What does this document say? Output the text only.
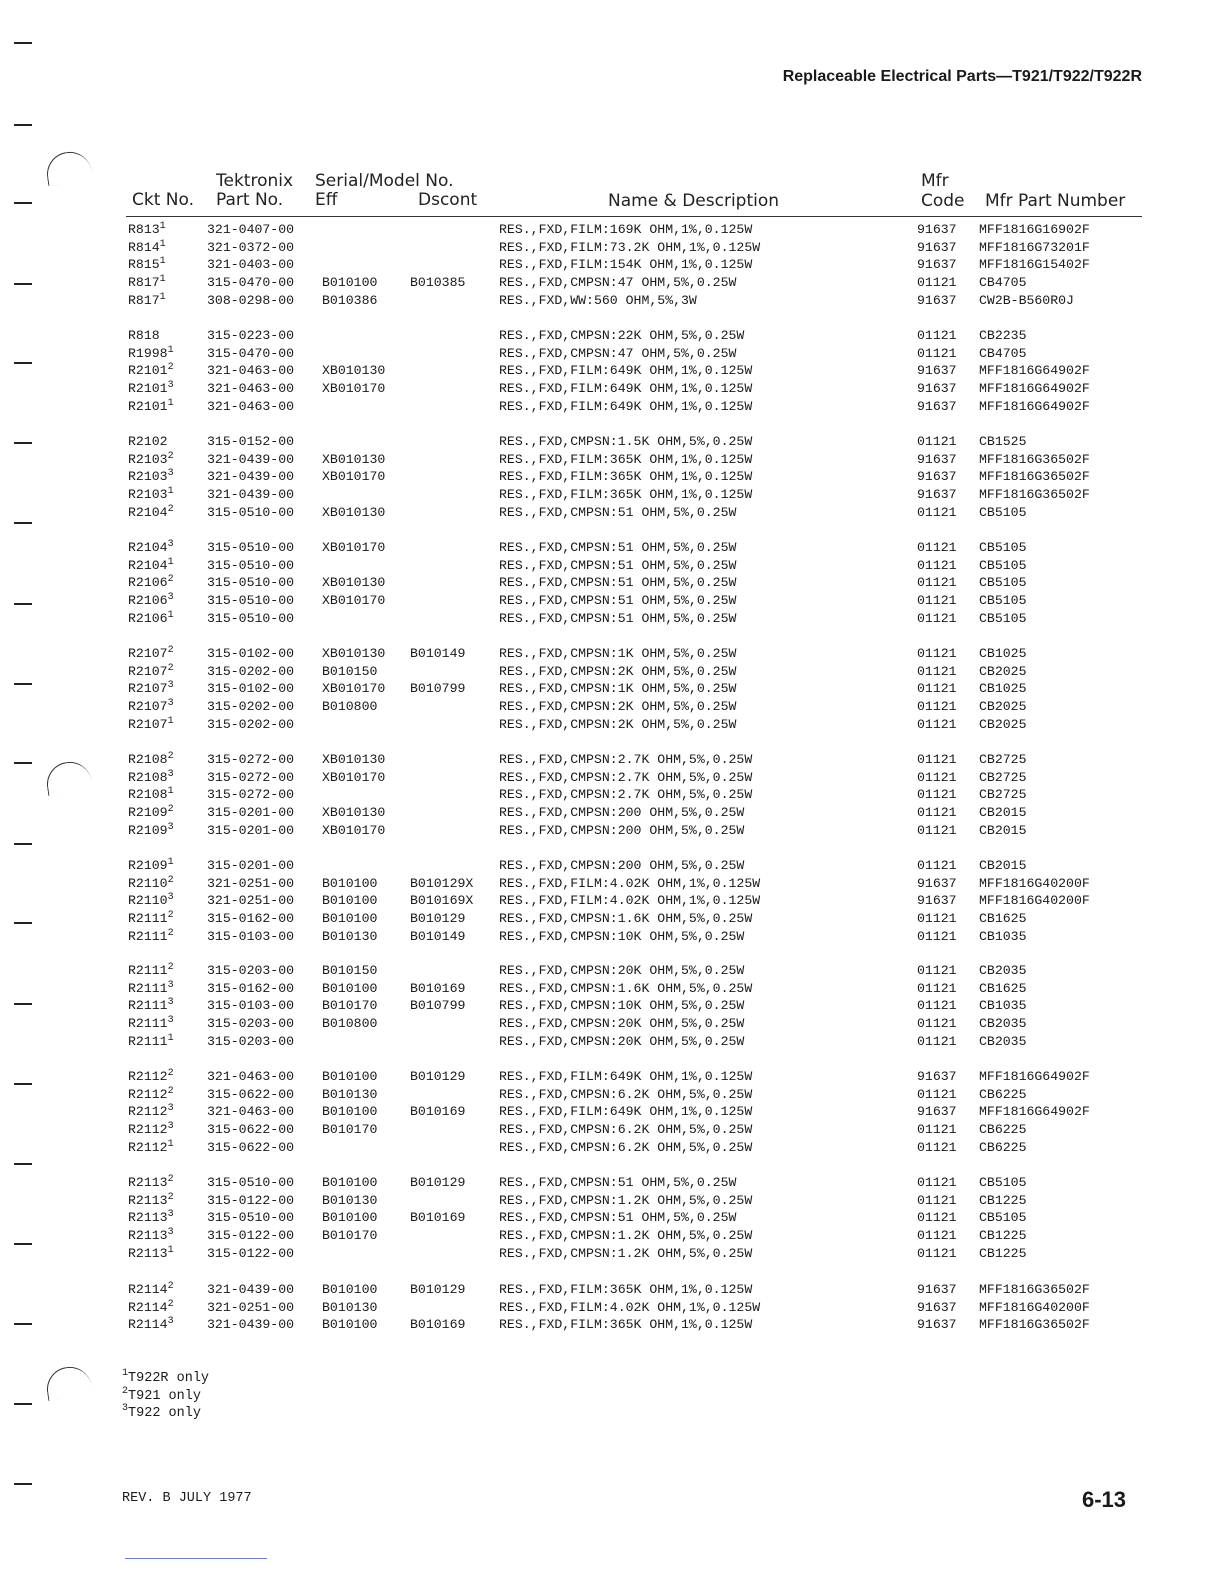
Replaceable Electrical Parts—T921/T922/T922R
Tektronix Serial/Model No.	Mfr
Ckt No. Part No. Eff	Dscont	Name & Description	Code Mfr Part Number
$R813^1$	321-0407-00	RES.,FXD,FILM:169K OHM,1%,0.125W	91637 MFF1816G16902F
$R814^1$	321-0372-00	RES.,FXD,FILM:73.2K OHM,1%,0.125W	91637 MFF1816G73201F
$R815^1$	321-0403-00	RES.,FXD,FILM:154K OHM,1%,0.125W	91637 MFF1816G15402F
$R817^1$	315-0470-00 B010100 B010385	RES.,FXD,CMPSN:47 OHM,5%,0.25W	01121 CB4705
$R817^1$	308-0298-00 B010386	RES.,FXD,WW:560 OHM,5%,3W	91637 CW2B-B560R0J
R818	315-0223-00	RES.,FXD,CMPSN:22K OHM,5%,0.25W	01121 CB2235
R1998$^1$	315-0470-00	RES.,FXD,CMPSN:47 OHM,5%,0.25W	01121 CB4705
R2101$^2$	321-0463-00 XB010130	RES.,FXD,FILM:649K OHM,1%,0.125W	91637 MFF1816G64902F
R2101$^3$	321-0463-00 XB010170	RES.,FXD,FILM:649K OHM,1%,0.125W	91637 MFF1816G64902F
R2101$^1$	321-0463-00	RES.,FXD,FILM:649K OHM,1%,0.125W	91637 MFF1816G64902F
R2102	315-0152-00	RES.,FXD,CMPSN:1.5K OHM,5%,0.25W	01121 CB1525
R2103$^2$	321-0439-00 XB010130	RES.,FXD,FILM:365K OHM,1%,0.125W	91637 MFF1816G36502F
R2103$^3$	321-0439-00 XB010170	RES.,FXD,FILM:365K OHM,1%,0.125W	91637 MFF1816G36502F
R2103$^1$	321-0439-00	RES.,FXD,FILM:365K OHM,1%,0.125W	91637 MFF1816G36502F
R2104$^2$	315-0510-00 XB010130	RES.,FXD,CMPSN:51 OHM,5%,0.25W	01121 CB5105
R2104$^3$	315-0510-00 XB010170	RES.,FXD,CMPSN:51 OHM,5%,0.25W	01121 CB5105
R2104$^1$	315-0510-00	RES.,FXD,CMPSN:51 OHM,5%,0.25W	01121 CB5105
R2106$^2$	315-0510-00 XB010130	RES.,FXD,CMPSN:51 OHM,5%,0.25W	01121 CB5105
R2106$^3$	315-0510-00 XB010170	RES.,FXD,CMPSN:51 OHM,5%,0.25W	01121 CB5105
R2106$^1$	315-0510-00	RES.,FXD,CMPSN:51 OHM,5%,0.25W	01121 CB5105
R2107$^2$	315-0102-00 XB010130 B010149	RES.,FXD,CMPSN:1K OHM,5%,0.25W	01121 CB1025
R2107$^2$	315-0202-00 B010150	RES.,FXD,CMPSN:2K OHM,5%,0.25W	01121 CB2025
R2107$^3$	315-0102-00 XB010170 B010799	RES.,FXD,CMPSN:1K OHM,5%,0.25W	01121 CB1025
R2107$^3$	315-0202-00 B010800	RES.,FXD,CMPSN:2K OHM,5%,0.25W	01121 CB2025
R2107$^1$	315-0202-00	RES.,FXD,CMPSN:2K OHM,5%,0.25W	01121 CB2025
R2108$^2$	315-0272-00 XB010130	RES.,FXD,CMPSN:2.7K OHM,5%,0.25W	01121 CB2725
R2108$^3$	315-0272-00 XB010170	RES.,FXD,CMPSN:2.7K OHM,5%,0.25W	01121 CB2725
R2108$^1$	315-0272-00	RES.,FXD,CMPSN:2.7K OHM,5%,0.25W	01121 CB2725
R2109$^2$	315-0201-00 XB010130	RES.,FXD,CMPSN:200 OHM,5%,0.25W	01121 CB2015
R2109$^3$	315-0201-00 XB010170	RES.,FXD,CMPSN:200 OHM,5%,0.25W	01121 CB2015
R2109$^1$	315-0201-00	RES.,FXD,CMPSN:200 OHM,5%,0.25W	01121 CB2015
R2110$^2$	321-0251-00 B010100 B010129X RES.,FXD,FILM:4.02K OHM,1%,0.125W	91637 MFF1816G40200F
R2110$^3$	321-0251-00 B010100 B010169X RES.,FXD,FILM:4.02K OHM,1%,0.125W	91637 MFF1816G40200F
R2111$^2$	315-0162-00 B010100 B010129	RES.,FXD,CMPSN:1.6K OHM,5%,0.25W	01121 CB1625
R2111$^2$	315-0103-00 B010130 B010149	RES.,FXD,CMPSN:10K OHM,5%,0.25W	01121 CB1035
R2111$^2$	315-0203-00 B010150	RES.,FXD,CMPSN:20K OHM,5%,0.25W	01121 CB2035
R2111$^3$	315-0162-00 B010100 B010169	RES.,FXD,CMPSN:1.6K OHM,5%,0.25W	01121 CB1625
R2111$^3$	315-0103-00 B010170 B010799	RES.,FXD,CMPSN:10K OHM,5%,0.25W	01121 CB1035
R2111$^3$	315-0203-00 B010800	RES.,FXD,CMPSN:20K OHM,5%,0.25W	01121 CB2035
R2111$^1$	315-0203-00	RES.,FXD,CMPSN:20K OHM,5%,0.25W	01121 CB2035
R2112$^2$	321-0463-00 B010100 B010129	RES.,FXD,FILM:649K OHM,1%,0.125W	91637 MFF1816G64902F
R2112$^2$	315-0622-00 B010130	RES.,FXD,CMPSN:6.2K OHM,5%,0.25W	01121 CB6225
R2112$^3$	321-0463-00 B010100 B010169	RES.,FXD,FILM:649K OHM,1%,0.125W	91637 MFF1816G64902F
R2112$^3$	315-0622-00 B010170	RES.,FXD,CMPSN:6.2K OHM,5%,0.25W	01121 CB6225
R2112$^1$	315-0622-00	RES.,FXD,CMPSN:6.2K OHM,5%,0.25W	01121 CB6225
R2113$^2$	315-0510-00 B010100 B010129	RES.,FXD,CMPSN:51 OHM,5%,0.25W	01121 CB5105
R2113$^2$	315-0122-00 B010130	RES.,FXD,CMPSN:1.2K OHM,5%,0.25W	01121 CB1225
R2113$^3$	315-0510-00 B010100 B010169	RES.,FXD,CMPSN:51 OHM,5%,0.25W	01121 CB5105
R2113$^3$	315-0122-00 B010170	RES.,FXD,CMPSN:1.2K OHM,5%,0.25W	01121 CB1225
R2113$^1$	315-0122-00	RES.,FXD,CMPSN:1.2K OHM,5%,0.25W	01121 CB1225
R2114$^2$	321-0439-00 B010100 B010129	RES.,FXD,FILM:365K OHM,1%,0.125W	91637 MFF1816G36502F
R2114$^2$	321-0251-00 B010130	RES.,FXD,FILM:4.02K OHM,1%,0.125W	91637 MFF1816G40200F
R2114$^3$	321-0439-00 B010100 B010169	RES.,FXD,FILM:365K OHM,1%,0.125W	91637 MFF1816G36502F
$^1$T922R only
$^2$T921 only
$^3$T922 only
REV. B JULY 1977	6-13
